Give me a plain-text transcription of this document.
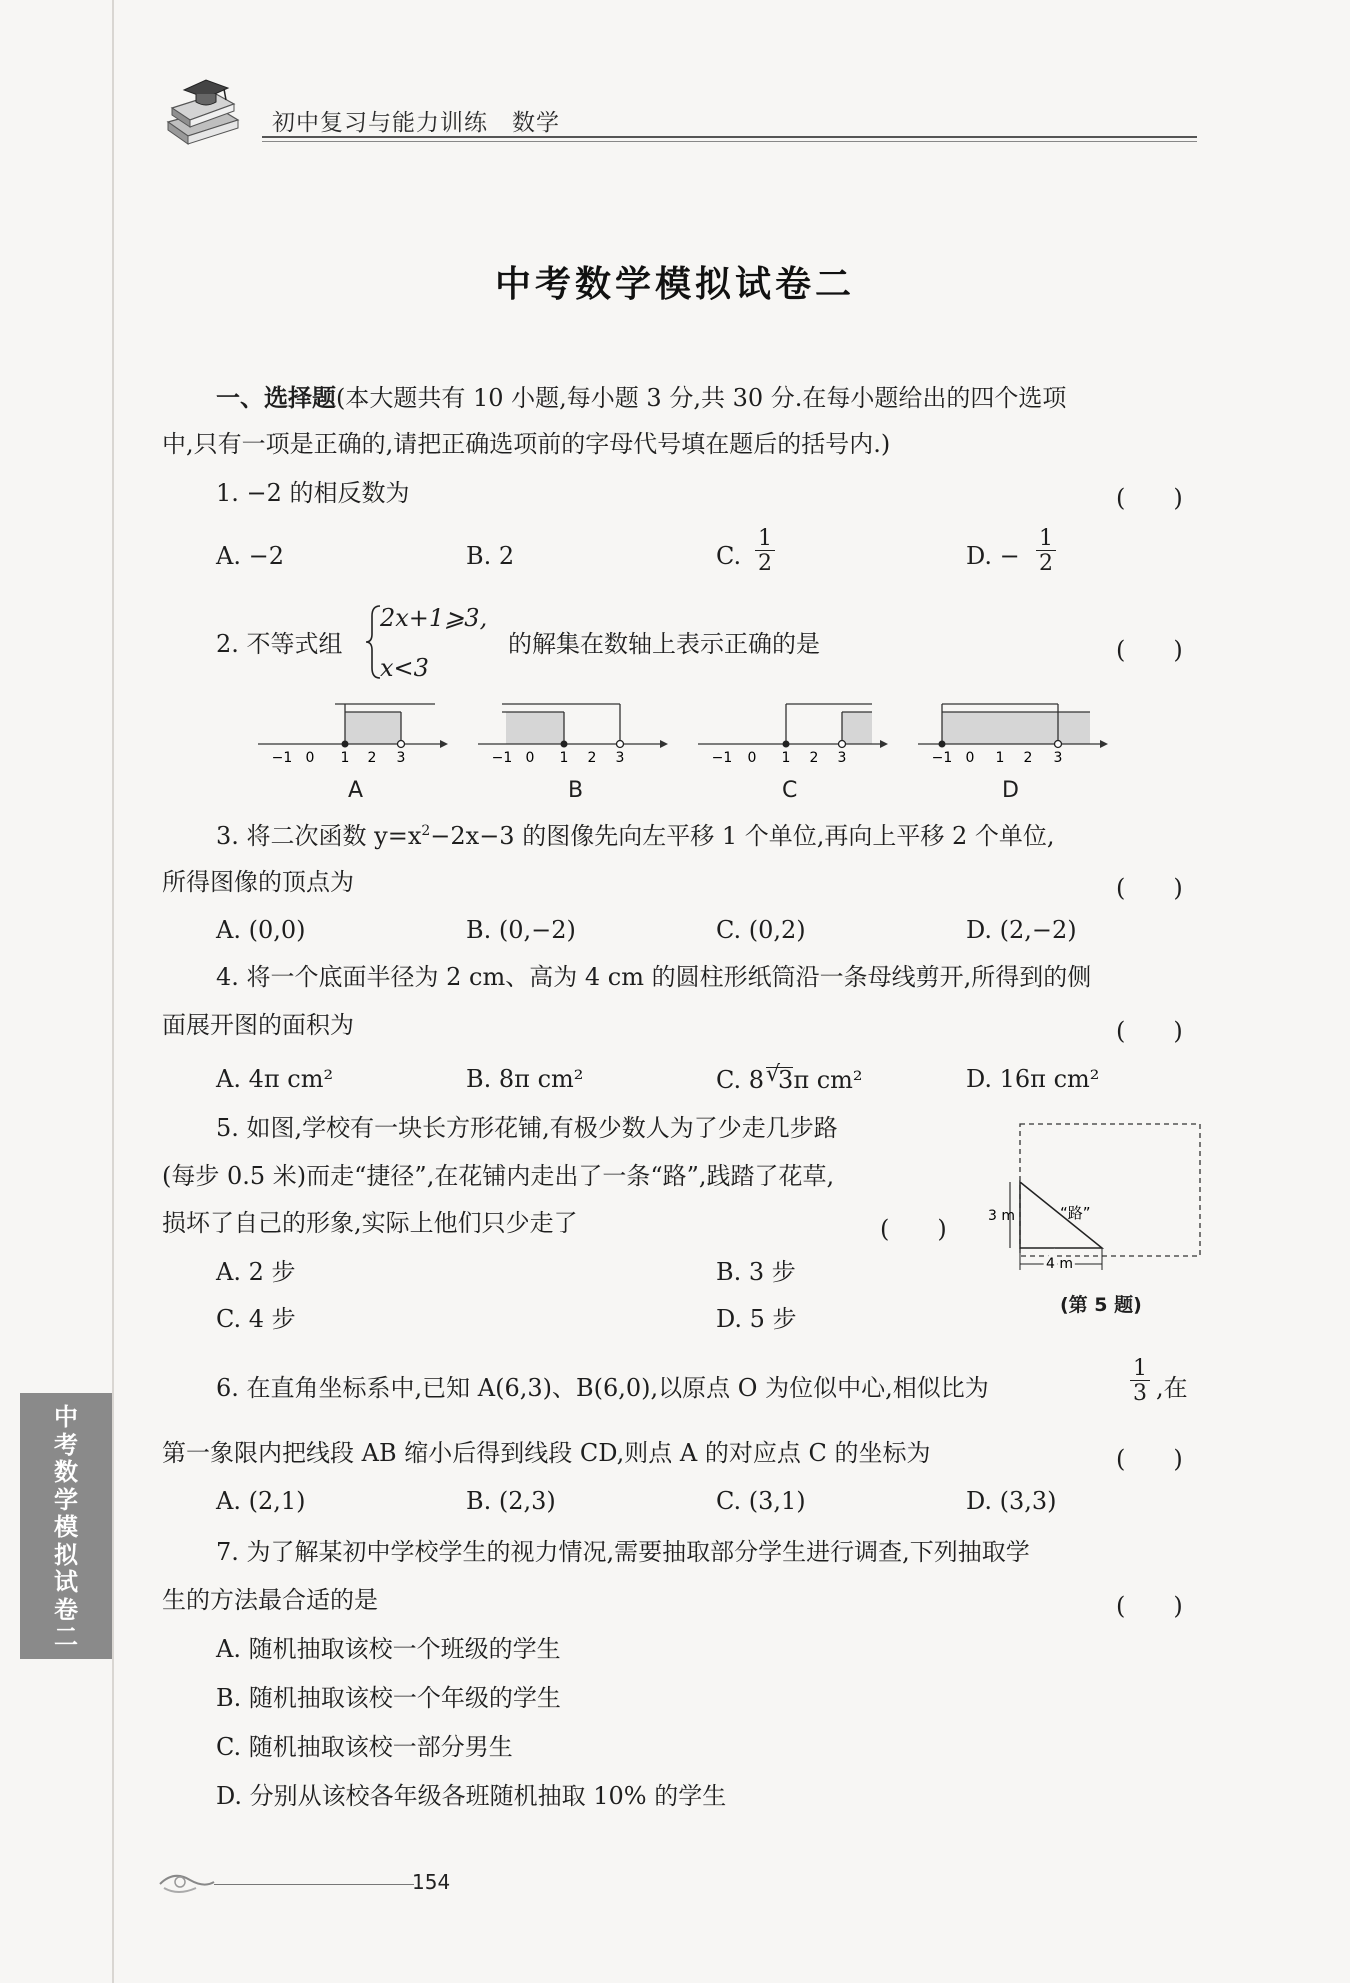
初中复习与能力训练　数学
中考数学模拟试卷二
一、选择题(本大题共有 10 小题,每小题 3 分,共 30 分.在每小题给出的四个选项
中,只有一项是正确的,请把正确选项前的字母代号填在题后的括号内.)
1. −2 的相反数为	(　　)
A. −2	B. 2	C. $\frac{1}{2}$	D. − $\frac{1}{2}$
2. 不等式组
2x+1⩾3,
x<3
的解集在数轴上表示正确的是	(　　)
−1 0 1 2 3	−1 0 1 2 3	−1 0 1 2 3	−1 0 1 2 3
A	B	C	D
3. 将二次函数 $y=x^2-2x-3$ 的图像先向左平移 1 个单位,再向上平移 2 个单位,
所得图像的顶点为	(　　)
A. (0,0)	B. (0,−2)	C. (0,2)	D. (2,−2)
4. 将一个底面半径为 2 cm、高为 4 cm 的圆柱形纸筒沿一条母线剪开,所得到的侧
面展开图的面积为	(　　)
A. 4π cm²	B. 8π cm²	C. 8 √
3π cm²	D. 16π cm²
5. 如图,学校有一块长方形花铺,有极少数人为了少走几步路
(每步 0.5 米)而走“捷径”,在花铺内走出了一条“路”,践踏了花草,
损坏了自己的形象,实际上他们只少走了	(　　)
A. 2 步	B. 3 步
C. 4 步	D. 5 步
3 m
4 m
“路”
(第 5 题)
6. 在直角坐标系中,已知 A(6,3)、B(6,0),以原点 O 为位似中心,相似比为	$\frac{1}{3}$ ,在
第一象限内把线段 AB 缩小后得到线段 CD,则点 A 的对应点 C 的坐标为	(　　)
A. (2,1)	B. (2,3)	C. (3,1)	D. (3,3)
7. 为了解某初中学校学生的视力情况,需要抽取部分学生进行调查,下列抽取学
生的方法最合适的是	(　　)
A. 随机抽取该校一个班级的学生
B. 随机抽取该校一个年级的学生
C. 随机抽取该校一部分男生
D. 分别从该校各年级各班随机抽取 10% 的学生
中
考
数
学
模
拟
试
卷
二
154
